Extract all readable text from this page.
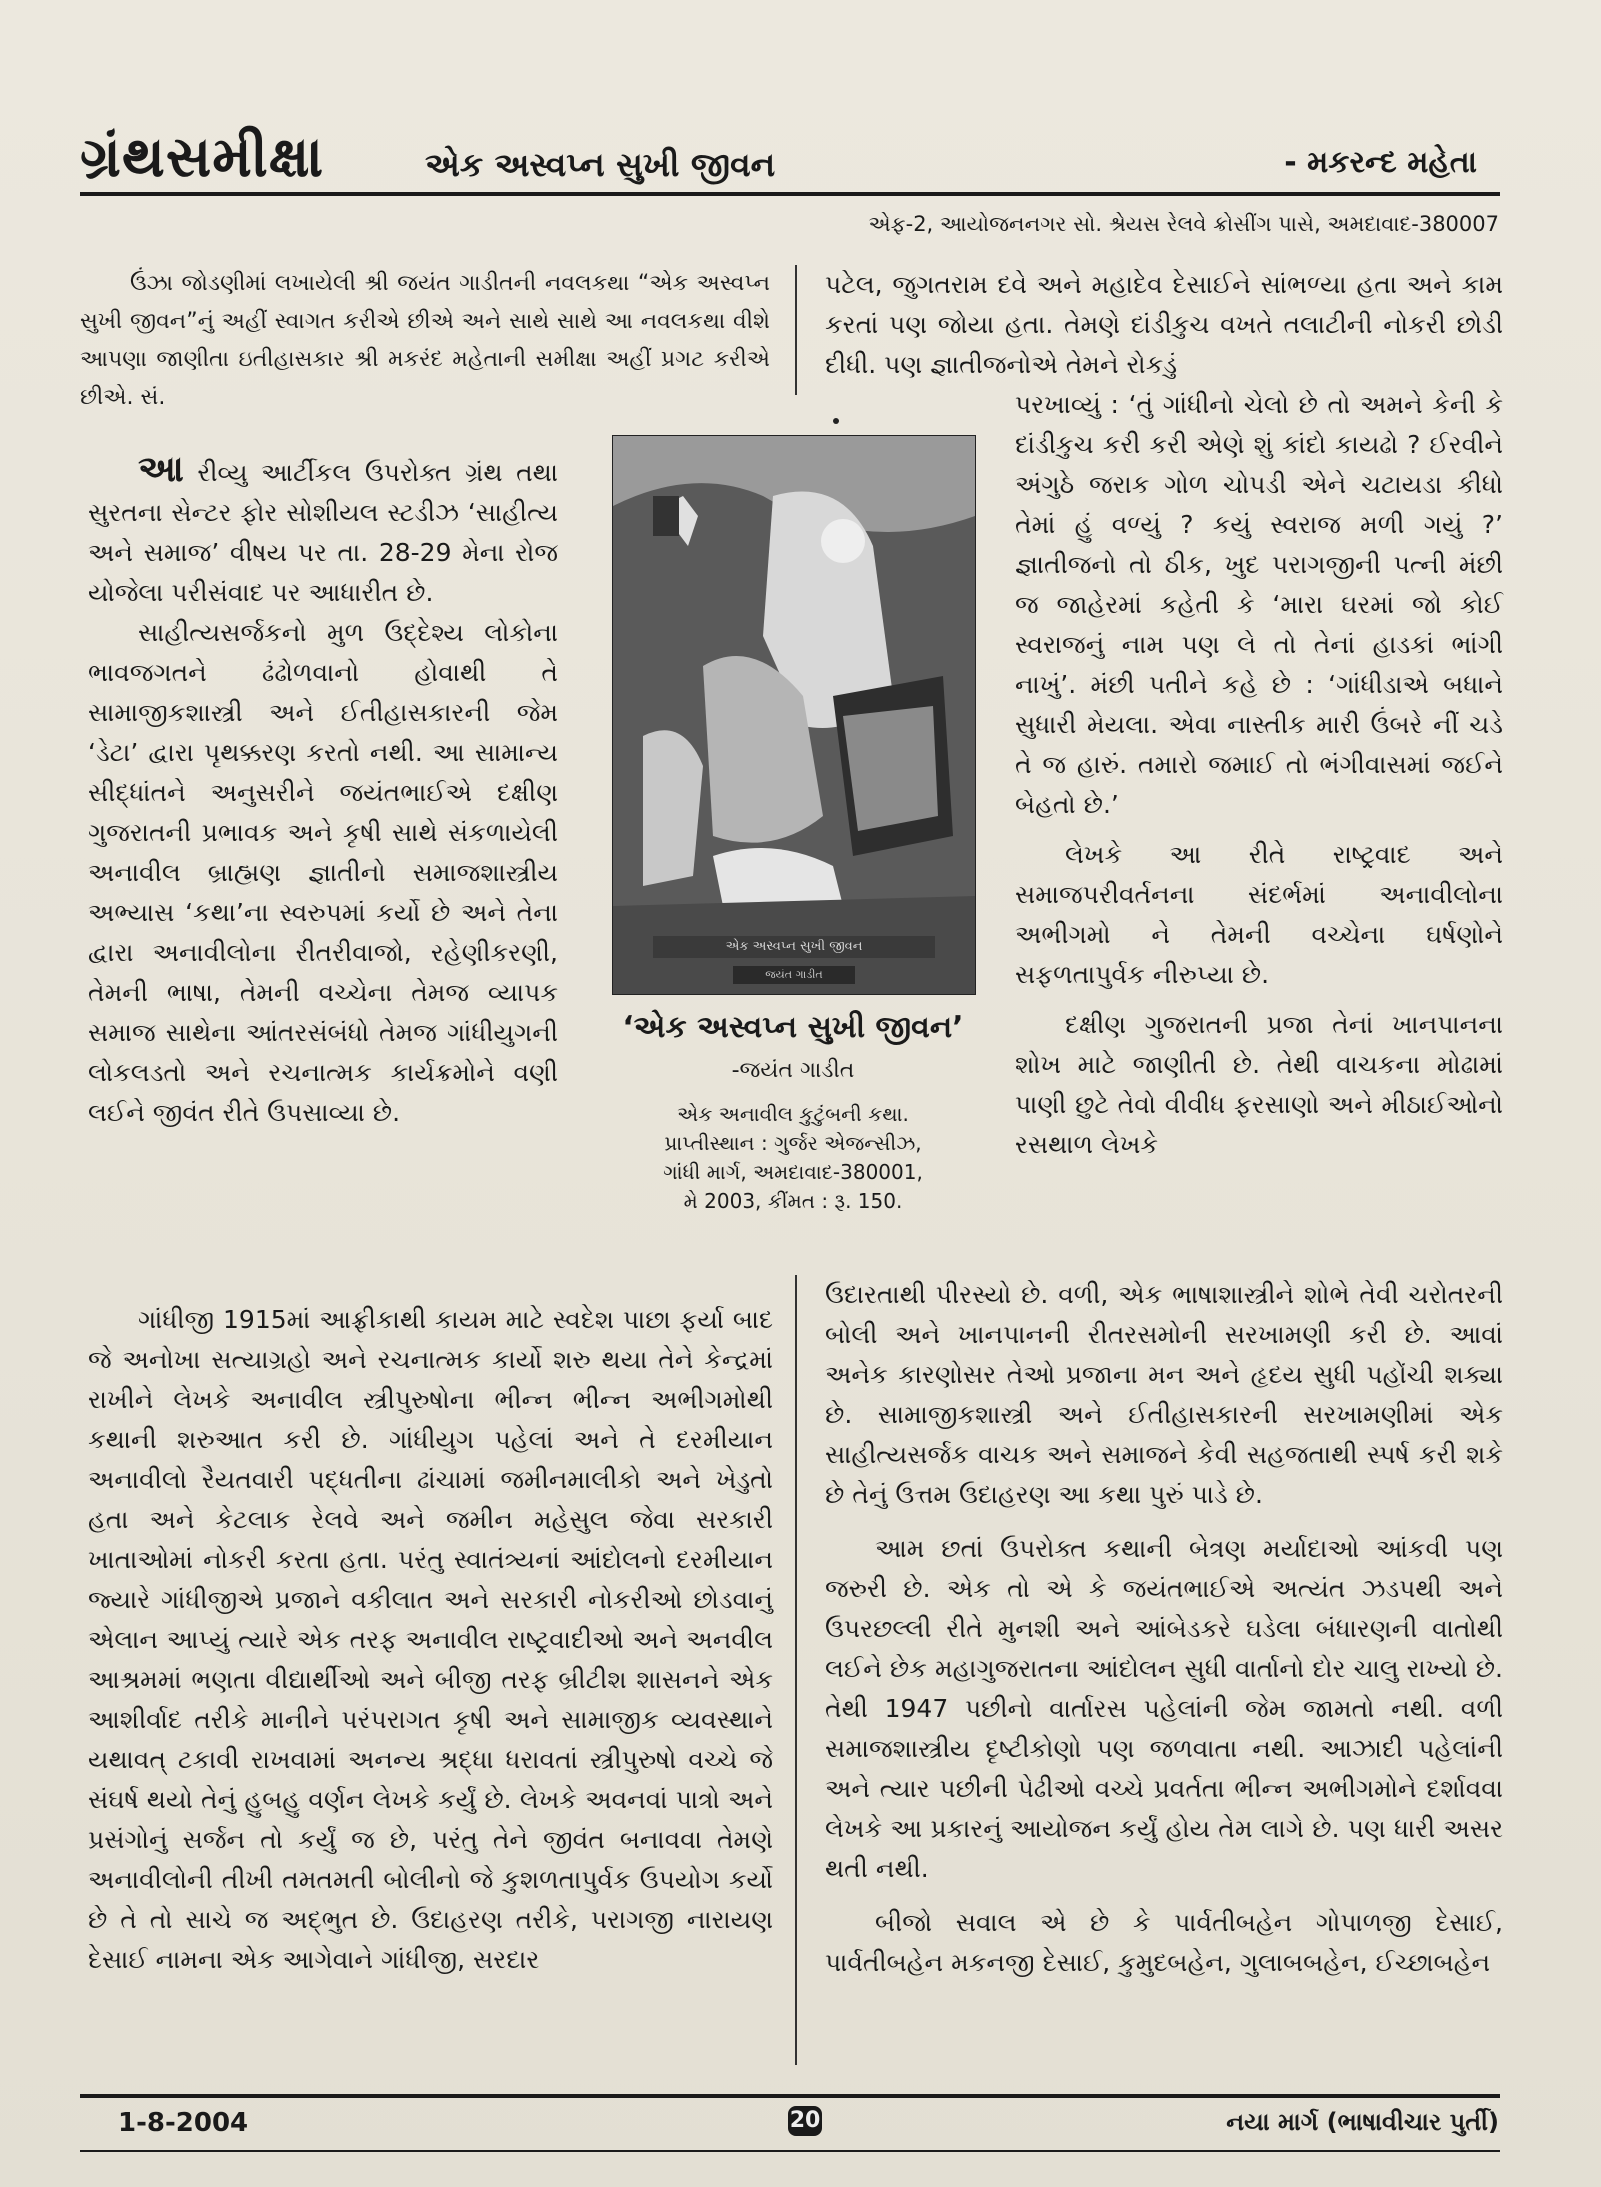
ગ્રંથસમીક્ષા	એક અસ્વપ્ન સુખી જીવન	- મકરન્દ મહેતા
એફ-2, આયોજનનગર સો. શ્રેયસ રેલવે ક્રોસીંગ પાસે, અમદાવાદ-380007
ઉંઝા જોડણીમાં લખાયેલી શ્રી જયંત ગાડીતની નવલકથા “એક અસ્વપ્ન સુખી જીવન”નું અહીં સ્વાગત કરીએ છીએ અને સાથે સાથે આ નવલકથા વીશે આપણા જાણીતા ઇતીહાસકાર શ્રી મકરંદ મહેતાની સમીક્ષા અહીં પ્રગટ કરીએ છીએ. સં.

આ રીવ્યુ આર્ટીકલ ઉપરોક્ત ગ્રંથ તથા સુરતના સેન્ટર ફોર સોશીયલ સ્ટડીઝ ‘સાહીત્ય અને સમાજ’ વીષય પર તા. 28-29 મેના રોજ યોજેલા પરીસંવાદ પર આધારીત છે.

સાહીત્યસર્જકનો મુળ ઉદ્દેશ્ય લોકોના ભાવજગતને ઢંઢોળવાનો હોવાથી તે સામાજીકશાસ્ત્રી અને ઈતીહાસકારની જેમ ‘ડેટા’ દ્વારા પૃથક્કરણ કરતો નથી. આ સામાન્ય સીદ્ધાંતને અનુસરીને જયંતભાઈએ દક્ષીણ ગુજરાતની પ્રભાવક અને કૃષી સાથે સંકળાયેલી અનાવીલ બ્રાહ્મણ જ્ઞાતીનો સમાજશાસ્ત્રીય અભ્યાસ ‘કથા’ના સ્વરુપમાં કર્યો છે અને તેના દ્વારા અનાવીલોના રીતરીવાજો, રહેણીકરણી, તેમની ભાષા, તેમની વચ્ચેના તેમજ વ્યાપક સમાજ સાથેના આંતરસંબંધો તેમજ ગાંધીયુગની લોકલડતો અને રચનાત્મક કાર્યક્રમોને વણી લઈને જીવંત રીતે ઉપસાવ્યા છે.

ગાંધીજી 1915માં આફ્રીકાથી કાયમ માટે સ્વદેશ પાછા ફર્યા બાદ જે અનોખા સત્યાગ્રહો અને રચનાત્મક કાર્યો શરુ થયા તેને કેન્દ્રમાં રાખીને લેખકે અનાવીલ સ્ત્રીપુરુષોના ભીન્ન ભીન્ન અભીગમોથી કથાની શરુઆત કરી છે. ગાંધીયુગ પહેલાં અને તે દરમીયાન અનાવીલો રૈયતવારી પદ્ધતીના ઢાંચામાં જમીનમાલીકો અને ખેડુતો હતા અને કેટલાક રેલવે અને જમીન મહેસુલ જેવા સરકારી ખાતાઓમાં નોકરી કરતા હતા. પરંતુ સ્વાતંત્ર્યનાં આંદોલનો દરમીયાન જ્યારે ગાંધીજીએ પ્રજાને વકીલાત અને સરકારી નોકરીઓ છોડવાનું એલાન આપ્યું ત્યારે એક તરફ અનાવીલ રાષ્ટ્રવાદીઓ અને અનવીલ આશ્રમમાં ભણતા વીદ્યાર્થીઓ અને બીજી તરફ બ્રીટીશ શાસનને એક આશીર્વાદ તરીકે માનીને પરંપરાગત કૃષી અને સામાજીક વ્યવસ્થાને યથાવત્ ટકાવી રાખવામાં અનન્ય શ્રદ્ધા ધરાવતાં સ્ત્રીપુરુષો વચ્ચે જે સંઘર્ષ થયો તેનું હુબહુ વર્ણન લેખકે કર્યું છે. લેખકે અવનવાં પાત્રો અને પ્રસંગોનું સર્જન તો કર્યું જ છે, પરંતુ તેને જીવંત બનાવવા તેમણે અનાવીલોની તીખી તમતમતી બોલીનો જે કુશળતાપુર્વક ઉપયોગ કર્યો છે તે તો સાચે જ અદ્ભુત છે. ઉદાહરણ તરીકે, પરાગજી નારાયણ દેસાઈ નામના એક આગેવાને ગાંધીજી, સરદાર
પટેલ, જુગતરામ દવે અને મહાદેવ દેસાઈને સાંભળ્યા હતા અને કામ કરતાં પણ જોયા હતા. તેમણે દાંડીકુચ વખતે તલાટીની નોકરી છોડી દીધી. પણ જ્ઞાતીજનોએ તેમને રોકડું

પરખાવ્યું : ‘તું ગાંધીનો ચેલો છે તો અમને કેની કે દાંડીકુચ કરી કરી એણે શું કાંદો કાયઢો ? ઈરવીને અંગુઠે જરાક ગોળ ચોપડી એને ચટાયડા કીધો તેમાં હું વળ્યું ? કયું સ્વરાજ મળી ગયું ?’ જ્ઞાતીજનો તો ઠીક, ખુદ પરાગજીની પત્ની મંછી જ જાહેરમાં કહેતી કે ‘મારા ઘરમાં જો કોઈ સ્વરાજનું નામ પણ લે તો તેનાં હાડકાં ભાંગી નાખું’. મંછી પતીને કહે છે : ‘ગાંધીડાએ બધાને સુધારી મેયલા. એવા નાસ્તીક મારી ઉંબરે નીં ચડે તે જ હારું. તમારો જમાઈ તો ભંગીવાસમાં જઈને બેહતો છે.’

લેખકે આ રીતે રાષ્ટ્રવાદ અને સમાજપરીવર્તનના સંદર્ભમાં અનાવીલોના અભીગમો ને તેમની વચ્ચેના ઘર્ષણોને સફળતાપુર્વક નીરુપ્યા છે.

દક્ષીણ ગુજરાતની પ્રજા તેનાં ખાનપાનના શોખ માટે જાણીતી છે. તેથી વાચકના મોઢામાં પાણી છુટે તેવો વીવીધ ફરસાણો અને મીઠાઈઓનો રસથાળ લેખકે

ઉદારતાથી પીરસ્યો છે. વળી, એક ભાષાશાસ્ત્રીને શોભે તેવી ચરોતરની બોલી અને ખાનપાનની રીતરસમોની સરખામણી કરી છે. આવાં અનેક કારણોસર તેઓ પ્રજાના મન અને હૃદય સુધી પહોંચી શક્યા છે. સામાજીકશાસ્ત્રી અને ઈતીહાસકારની સરખામણીમાં એક સાહીત્યસર્જક વાચક અને સમાજને કેવી સહજતાથી સ્પર્ષ કરી શકે છે તેનું ઉત્તમ ઉદાહરણ આ કથા પુરું પાડે છે.

આમ છતાં ઉપરોક્ત કથાની બેત્રણ મર્યાદાઓ આંકવી પણ જરુરી છે. એક તો એ કે જયંતભાઈએ અત્યંત ઝડપથી અને ઉપરછલ્લી રીતે મુનશી અને આંબેડકરે ઘડેલા બંધારણની વાતોથી લઈને છેક મહાગુજરાતના આંદોલન સુધી વાર્તાનો દોર ચાલુ રાખ્યો છે. તેથી 1947 પછીનો વાર્તારસ પહેલાંની જેમ જામતો નથી. વળી સમાજશાસ્ત્રીય દૃષ્ટીકોણો પણ જળવાતા નથી. આઝાદી પહેલાંની અને ત્યાર પછીની પેઢીઓ વચ્ચે પ્રવર્તતા ભીન્ન અભીગમોને દર્શાવવા લેખકે આ પ્રકારનું આયોજન કર્યું હોય તેમ લાગે છે. પણ ધારી અસર થતી નથી.

બીજો સવાલ એ છે કે પાર્વતીબહેન ગોપાળજી દેસાઈ, પાર્વતીબહેન મકનજી દેસાઈ, કુમુદબહેન, ગુલાબબહેન, ઈચ્છાબહેન

એક અસ્વપ્ન સુખી જીવન
જયંત ગાડીત
‘એક અસ્વપ્ન સુખી જીવન’
-જયંત ગાડીત
એક અનાવીલ કુટુંબની કથા.
પ્રાપ્તીસ્થાન : ગુર્જર એજન્સીઝ,
ગાંધી માર્ગ, અમદાવાદ-380001,
મે 2003, કીંમત : રૂ. 150.
1-8-2004	20	નયા માર્ગ (ભાષાવીચાર પુર્તી)
